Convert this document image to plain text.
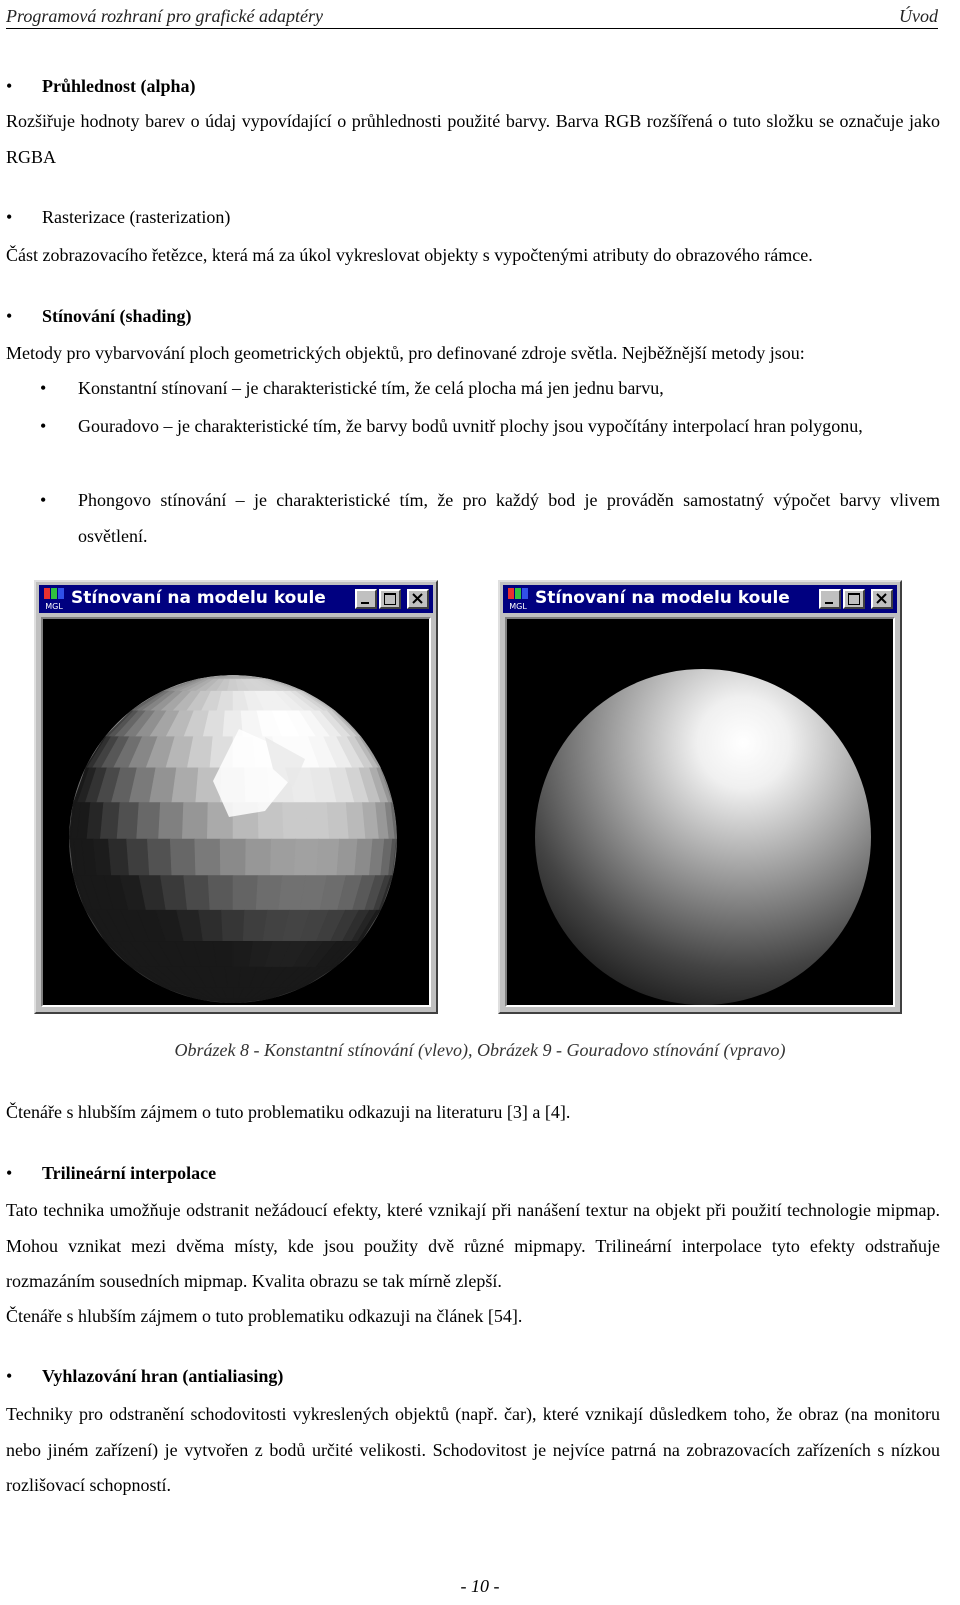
Programová rozhraní pro grafické adaptéry	Úvod
• Průhlednost (alpha)
Rozšiřuje hodnoty barev o údaj vypovídající o průhlednosti použité barvy. Barva RGB rozšířená o tuto složku se označuje jako RGBA
• Rasterizace (rasterization)
Část zobrazovacího řetězce, která má za úkol vykreslovat objekty s vypočtenými atributy do obrazového rámce.
• Stínování (shading)
Metody pro vybarvování ploch geometrických objektů, pro definované zdroje světla. Nejběžnější metody jsou:
• Konstantní stínovaní – je charakteristické tím, že celá plocha má jen jednu barvu,
• Gouradovo – je charakteristické tím, že barvy bodů uvnitř plochy jsou vypočítány interpolací hran polygonu,
• Phongovo stínování – je charakteristické tím, že pro každý bod je prováděn samostatný výpočet barvy vlivem osvětlení.
MGL Stínovaní na modelu koule	MGL Stínovaní na modelu koule
Obrázek 8 - Konstantní stínování (vlevo), Obrázek 9 - Gouradovo stínování (vpravo)
Čtenáře s hlubším zájmem o tuto problematiku odkazuji na literaturu [3] a [4].
• Trilineární interpolace
Tato technika umožňuje odstranit nežádoucí efekty, které vznikají při nanášení textur na objekt při použití technologie mipmap. Mohou vznikat mezi dvěma místy, kde jsou použity dvě různé mipmapy. Trilineární interpolace tyto efekty odstraňuje rozmazáním sousedních mipmap. Kvalita obrazu se tak mírně zlepší.
Čtenáře s hlubším zájmem o tuto problematiku odkazuji na článek [54].
• Vyhlazování hran (antialiasing)
Techniky pro odstranění schodovitosti vykreslených objektů (např. čar), které vznikají důsledkem toho, že obraz (na monitoru nebo jiném zařízení) je vytvořen z bodů určité velikosti. Schodovitost je nejvíce patrná na zobrazovacích zařízeních s nízkou rozlišovací schopností.
- 10 -
